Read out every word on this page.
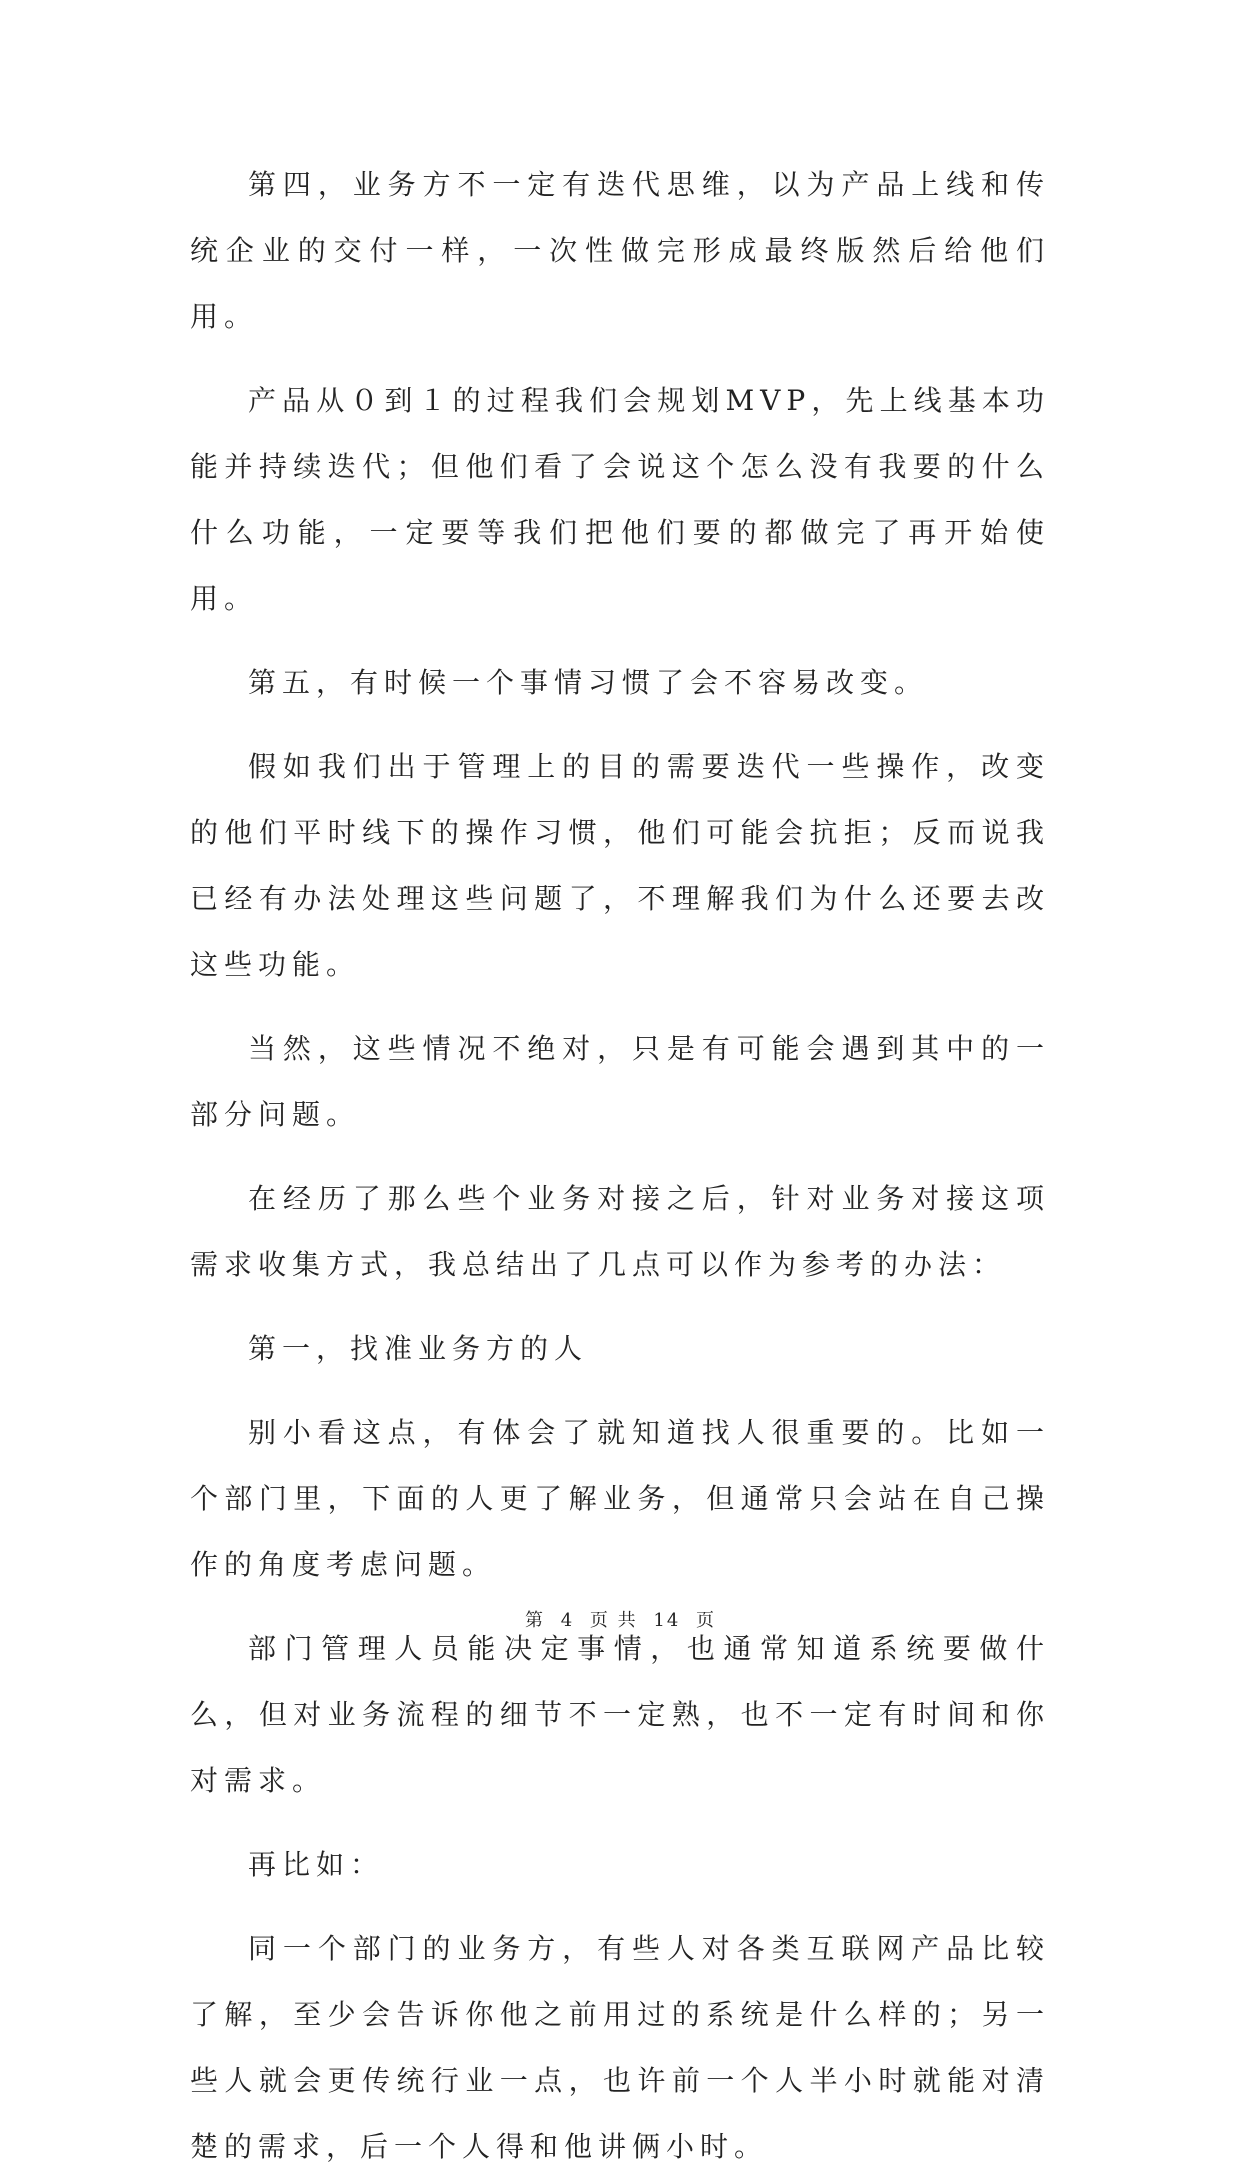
第四，业务方不一定有迭代思维，以为产品上线和传统企业的交付一样，一次性做完形成最终版然后给他们用。

产品从０到１的过程我们会规划MVP，先上线基本功能并持续迭代；但他们看了会说这个怎么没有我要的什么什么功能，一定要等我们把他们要的都做完了再开始使用。

第五，有时候一个事情习惯了会不容易改变。

假如我们出于管理上的目的需要迭代一些操作，改变的他们平时线下的操作习惯，他们可能会抗拒；反而说我已经有办法处理这些问题了，不理解我们为什么还要去改这些功能。

当然，这些情况不绝对，只是有可能会遇到其中的一部分问题。

在经历了那么些个业务对接之后，针对业务对接这项需求收集方式，我总结出了几点可以作为参考的办法：

第一，找准业务方的人

别小看这点，有体会了就知道找人很重要的。比如一个部门里，下面的人更了解业务，但通常只会站在自己操作的角度考虑问题。

部门管理人员能决定事情，也通常知道系统要做什么，但对业务流程的细节不一定熟，也不一定有时间和你对需求。

再比如：

同一个部门的业务方，有些人对各类互联网产品比较了解，至少会告诉你他之前用过的系统是什么样的；另一些人就会更传统行业一点，也许前一个人半小时就能对清楚的需求，后一个人得和他讲俩小时。

第 4 页 共 14 页
